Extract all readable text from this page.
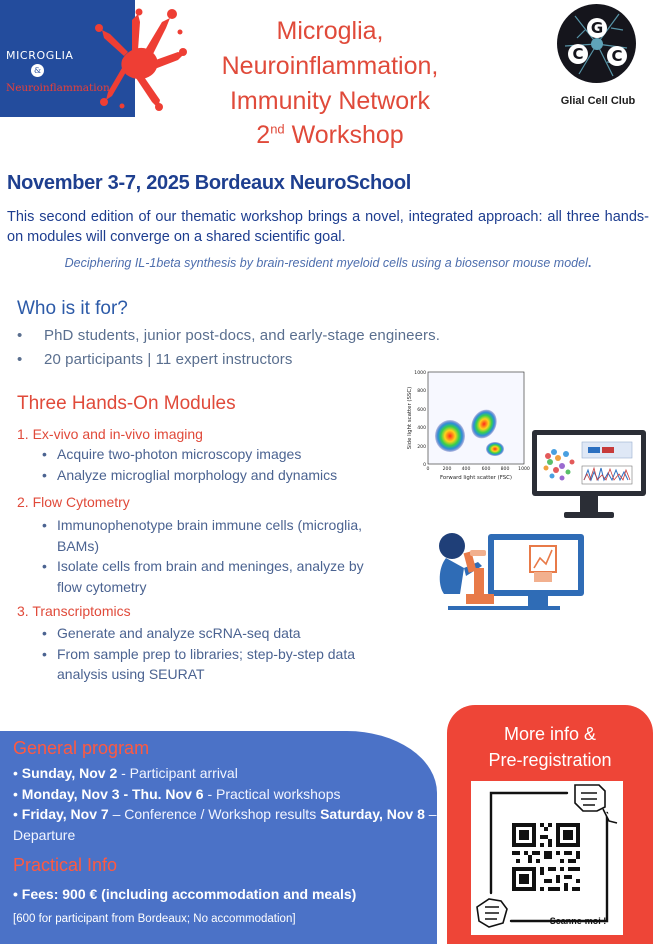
MICROGLIA
&
Neuroinflammation
Microglia,
Neuroinflammation,
Immunity Network
2nd Workshop
G
C C
Glial Cell Club
November 3-7, 2025 Bordeaux NeuroSchool
This second edition of our thematic workshop brings a novel, integrated approach: all three hands-on modules will converge on a shared scientific goal.
Deciphering IL-1beta synthesis by brain-resident myeloid cells using a biosensor mouse model.
Who is it for?
• PhD students, junior post-docs, and early-stage engineers.
• 20 participants | 11 expert instructors
Three Hands-On Modules
1. Ex-vivo and in-vivo imaging
• Acquire two-photon microscopy images
• Analyze microglial morphology and dynamics
2. Flow Cytometry
• Immunophenotype brain immune cells (microglia, BAMs)
• Isolate cells from brain and meninges, analyze by flow cytometry
3. Transcriptomics
• Generate and analyze scRNA-seq data
• From sample prep to libraries; step-by-step data analysis using SEURAT
0
200
400
600
800
1000
0	200 400 600 800 1000
Forward light scatter (FSC)
Side light scatter (SSC)
General program
• Sunday, Nov 2 - Participant arrival
• Monday, Nov 3 - Thu. Nov 6 - Practical workshops
• Friday, Nov 7 – Conference / Workshop results Saturday, Nov 8 – Departure
Practical Info
• Fees: 900 € (including accommodation and meals)
[600 for participant from Bordeaux; No accommodation]
More info &
Pre-registration
Scanne-moi !
